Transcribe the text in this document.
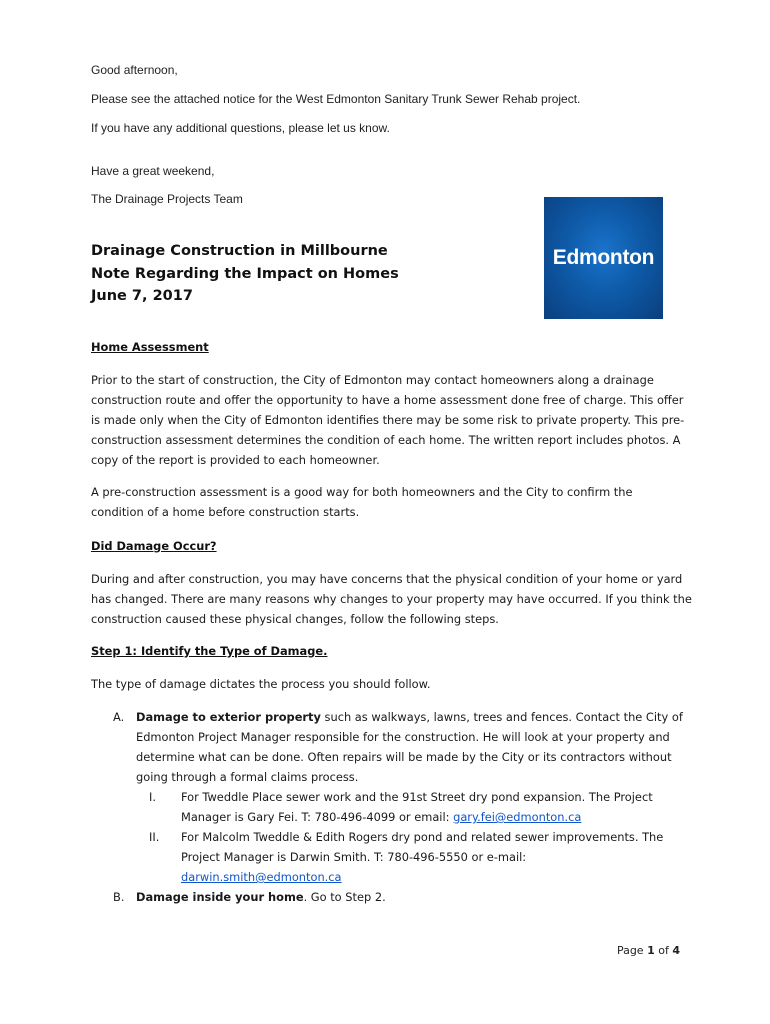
Good afternoon,

Please see the attached notice for the West Edmonton Sanitary Trunk Sewer Rehab project.

If you have any additional questions, please let us know.

Have a great weekend,

The Drainage Projects Team

Edmonton
Drainage Construction in Millbourne
Note Regarding the Impact on Homes
June 7, 2017
Home Assessment
Prior to the start of construction, the City of Edmonton may contact homeowners along a drainage
construction route and offer the opportunity to have a home assessment done free of charge. This offer
is made only when the City of Edmonton identifies there may be some risk to private property. This pre-
construction assessment determines the condition of each home. The written report includes photos. A
copy of the report is provided to each homeowner.
A pre-construction assessment is a good way for both homeowners and the City to confirm the
condition of a home before construction starts.
Did Damage Occur?
During and after construction, you may have concerns that the physical condition of your home or yard
has changed. There are many reasons why changes to your property may have occurred. If you think the
construction caused these physical changes, follow the following steps.
Step 1: Identify the Type of Damage.
The type of damage dictates the process you should follow.
A. Damage to exterior property such as walkways, lawns, trees and fences. Contact the City of
Edmonton Project Manager responsible for the construction. He will look at your property and
determine what can be done. Often repairs will be made by the City or its contractors without
going through a formal claims process.
I. For Tweddle Place sewer work and the 91st Street dry pond expansion. The Project
Manager is Gary Fei. T: 780-496-4099 or email: gary.fei@edmonton.ca
II. For Malcolm Tweddle & Edith Rogers dry pond and related sewer improvements. The
Project Manager is Darwin Smith. T: 780-496-5550 or e-mail:
darwin.smith@edmonton.ca
B. Damage inside your home. Go to Step 2.
Page 1 of 4
